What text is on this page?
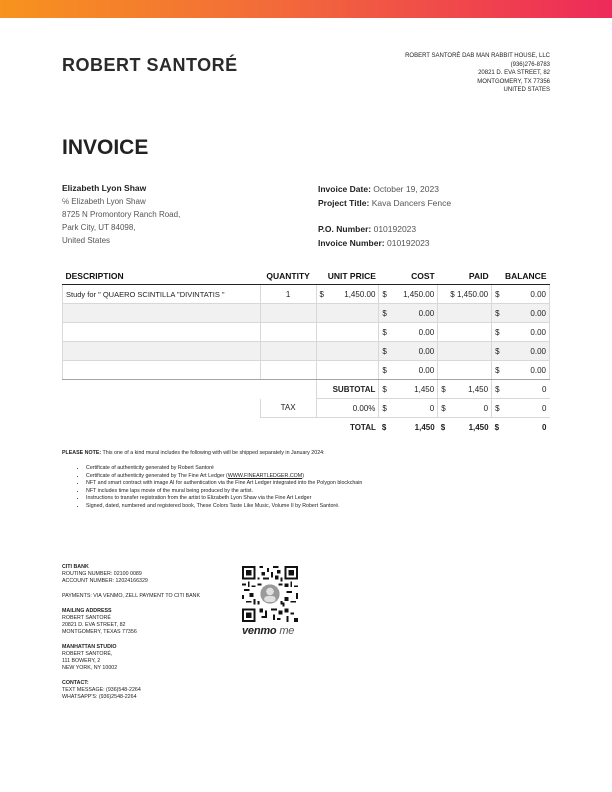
ROBERT SANTORÉ	ROBERT SANTORÉ DAB MAN RABBIT HOUSE, LLC
(936)276-8783
20821 D. EVA STREET, 82
MONTGOMERY, TX 77356
UNITED STATES
INVOICE
Elizabeth Lyon Shaw
℅ Elizabeth Lyon Shaw
8725 N Promontory Ranch Road,
Park City, UT 84098,
United States
Invoice Date: October 19, 2023
Project Title: Kava Dancers Fence
P.O. Number: 010192023
Invoice Number: 010192023
DESCRIPTION	QUANTITY	UNIT PRICE	COST	PAID	BALANCE
Study for " QUAERO SCINTILLA "DIVINTATIS "	1	$ 1,450.00	$ 1,450.00	$ 1,450.00	$ 0.00

			$ 0.00		$ 0.00

			$ 0.00		$ 0.00

			$ 0.00		$ 0.00

			$ 0.00		$ 0.00

		SUBTOTAL	$ 1,450	$ 1,450	$ 0

	TAX	0.00%	$ 0	$ 0	$ 0

		TOTAL	$ 1,450	$ 1,450	$ 0
PLEASE NOTE: This one of a kind mural includes the following with will be shipped separately in January 2024:
• Certificate of authenticity generated by Robert Santoré
• Certificate of authenticity generated by The Fine Art Ledger (WWW.FINEARTLEDGER.COM)
• NFT and smart contract with image AI for authentication via the Fine Art Ledger integrated into the Polygon blockchain
• NFT includes time laps movie of the mural being produced by the artist.
• Instructions to transfer registration from the artist to Elizabeth Lyon Shaw via the Fine Art Ledger
• Signed, dated, numbered and registered book, These Colors Taste Like Music, Volume II by Robert Santoré.
CITI BANK
ROUTING NUMBER: 02100 0089
ACCOUNT NUMBER: 12024166329
PAYMENTS: VIA VENMO, ZELL PAYMENT TO CITI BANK
MAILING ADDRESS
ROBERT SANTORÉ
20821 D. EVA STREET, 82
MONTGOMERY, TEXAS 77356
MANHATTAN STUDIO
ROBERT SANTORÉ,
111 BOWERY, 2
NEW YORK, NY 10002
CONTACT:
TEXT MESSAGE: (936)548-2264
WHATSAPP'S: (936)2548-2264
venmo me
